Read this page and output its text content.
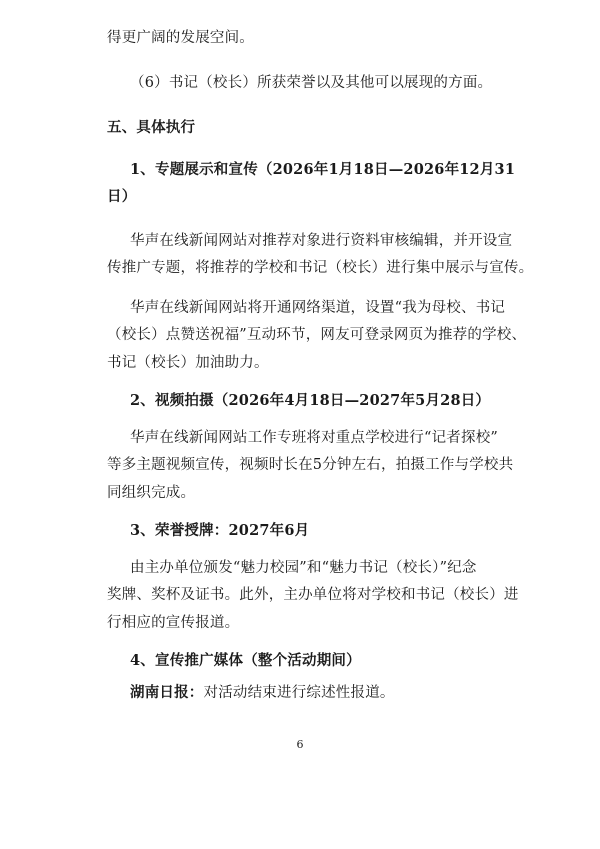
得更广阔的发展空间。
（6）书记（校长）所获荣誉以及其他可以展现的方面。
五、具体执行
1、专题展示和宣传（2026年1月18日—2026年12月31
日）
华声在线新闻网站对推荐对象进行资料审核编辑，并开设宣
传推广专题，将推荐的学校和书记（校长）进行集中展示与宣传。
华声在线新闻网站将开通网络渠道，设置“我为母校、书记
（校长）点赞送祝福”互动环节，网友可登录网页为推荐的学校、
书记（校长）加油助力。
2、视频拍摄（2026年4月18日—2027年5月28日）
华声在线新闻网站工作专班将对重点学校进行“记者探校”
等多主题视频宣传，视频时长在5分钟左右，拍摄工作与学校共
同组织完成。
3、荣誉授牌：2027年6月
由主办单位颁发“魅力校园”和“魅力书记（校长）”纪念
奖牌、奖杯及证书。此外，主办单位将对学校和书记（校长）进
行相应的宣传报道。
4、宣传推广媒体（整个活动期间）
湖南日报：对活动结束进行综述性报道。
6
